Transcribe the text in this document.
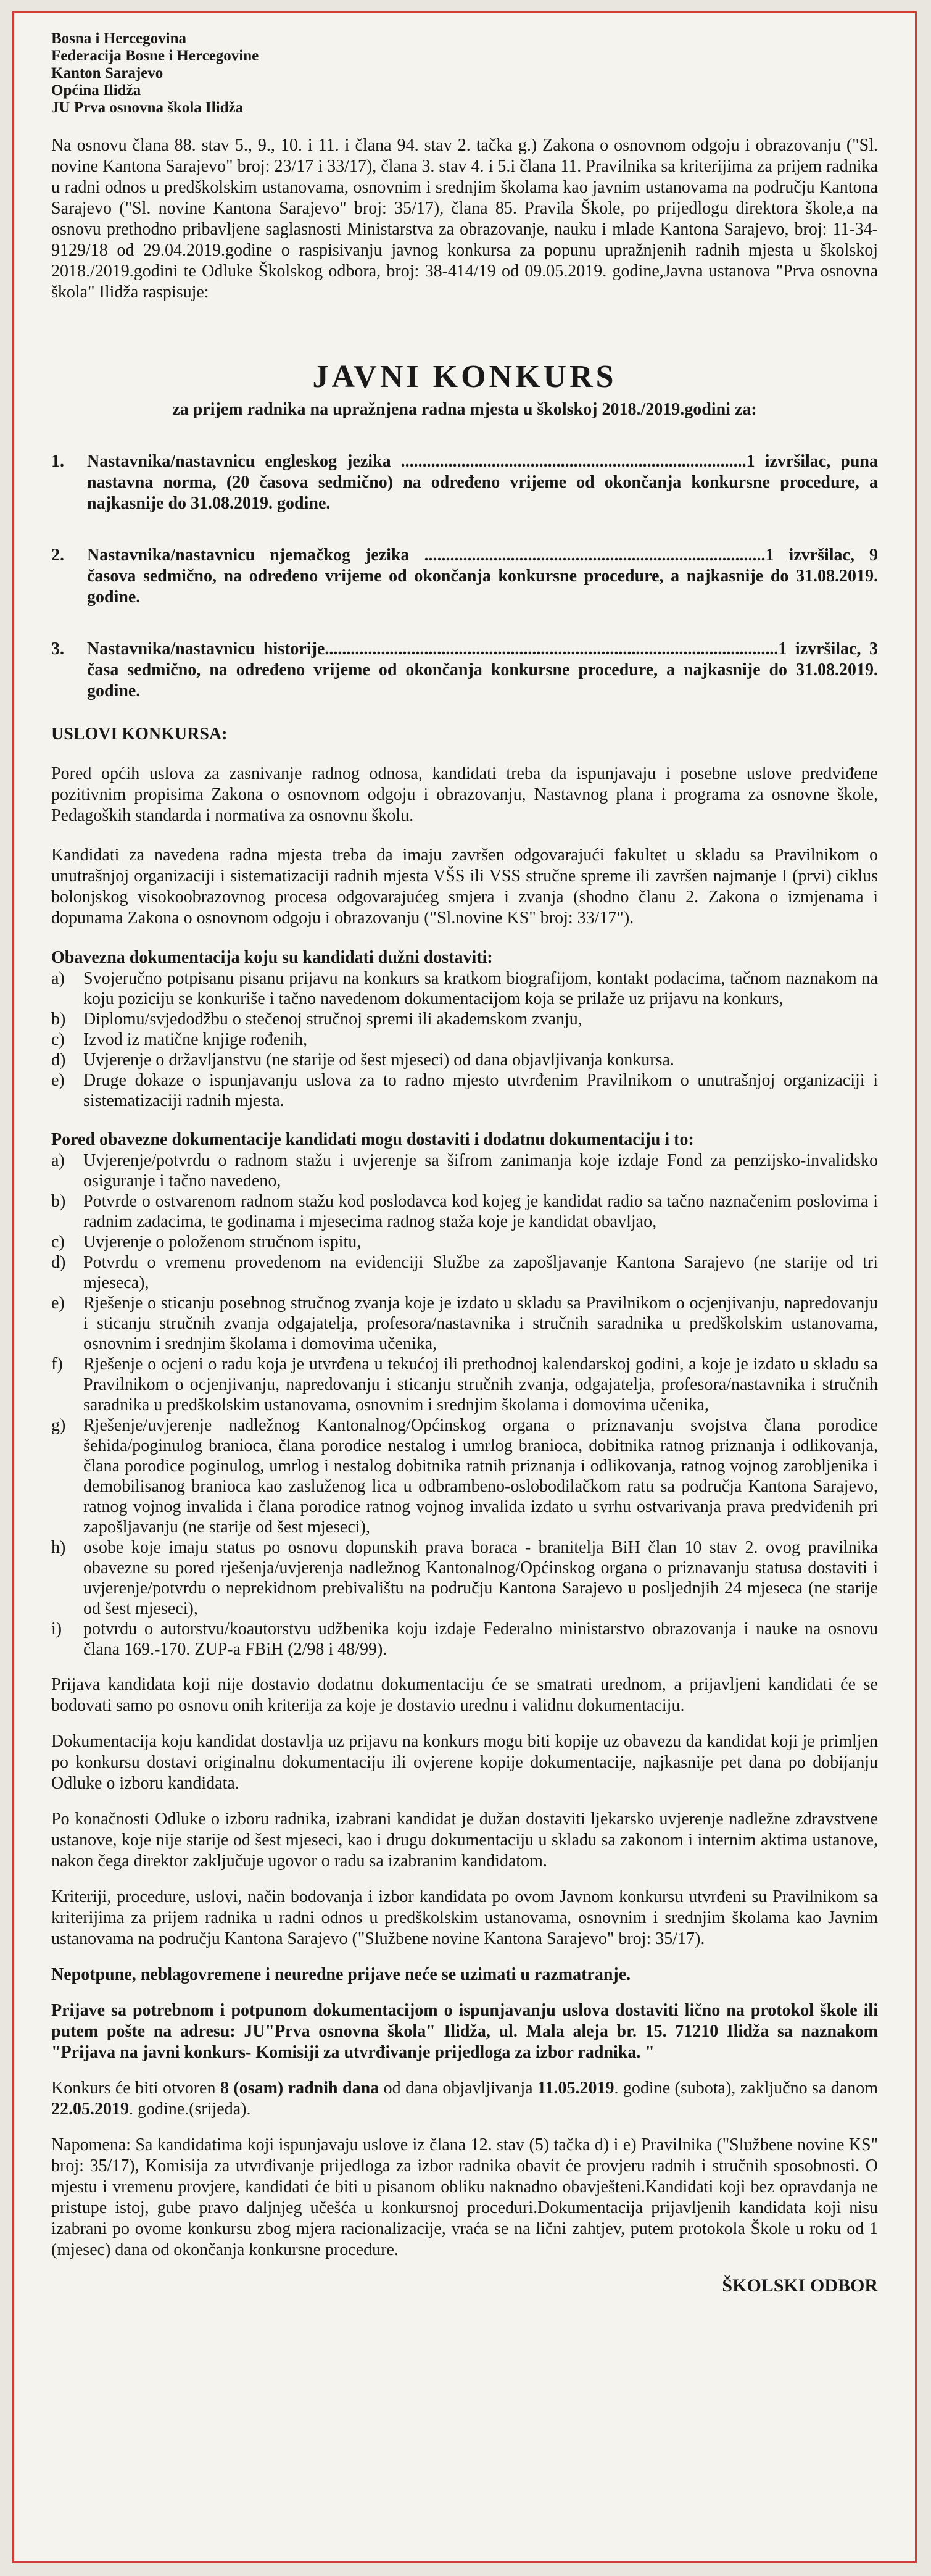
Bosna i Hercegovina
Federacija Bosne i Hercegovine
Kanton Sarajevo
Općina Ilidža
JU Prva osnovna škola Ilidža

Na osnovu člana 88. stav 5., 9., 10. i 11. i člana 94. stav 2. tačka g.) Zakona o osnovnom odgoju i obrazovanju ("Sl. novine Kantona Sarajevo" broj: 23/17 i 33/17), člana 3. stav 4. i 5.i člana 11. Pravilnika sa kriterijima za prijem radnika u radni odnos u predškolskim ustanovama, osnovnim i srednjim školama kao javnim ustanovama na području Kantona Sarajevo ("Sl. novine Kantona Sarajevo" broj: 35/17), člana 85. Pravila Škole, po prijedlogu direktora škole,a na osnovu prethodno pribavljene saglasnosti Ministarstva za obrazovanje, nauku i mlade Kantona Sarajevo, broj: 11-34-9129/18 od 29.04.2019.godine o raspisivanju javnog konkursa za popunu upražnjenih radnih mjesta u školskoj 2018./2019.godini te Odluke Školskog odbora, broj: 38-414/19 od 09.05.2019. godine,Javna ustanova "Prva osnovna škola" Ilidža raspisuje:

JAVNI KONKURS
za prijem radnika na upražnjena radna mjesta u školskoj 2018./2019.godini za:
1.	Nastavnika/nastavnicu engleskog jezika ................................................................................1 izvršilac, puna nastavna norma, (20 časova sedmično) na određeno vrijeme od okončanja konkursne procedure, a najkasnije do 31.08.2019. godine.
2.	Nastavnika/nastavnicu njemačkog jezika ...............................................................................1 izvršilac, 9 časova sedmično, na određeno vrijeme od okončanja konkursne procedure, a najkasnije do 31.08.2019. godine.
3.	Nastavnika/nastavnicu historije.........................................................................................................1 izvršilac, 3 časa sedmično, na određeno vrijeme od okončanja konkursne procedure, a najkasnije do 31.08.2019. godine.
USLOVI KONKURSA:

Pored općih uslova za zasnivanje radnog odnosa, kandidati treba da ispunjavaju i posebne uslove predviđene pozitivnim propisima Zakona o osnovnom odgoju i obrazovanju, Nastavnog plana i programa za osnovne škole, Pedagoških standarda i normativa za osnovnu školu.

Kandidati za navedena radna mjesta treba da imaju završen odgovarajući fakultet u skladu sa Pravilnikom o unutrašnjoj organizaciji i sistematizaciji radnih mjesta VŠS ili VSS stručne spreme ili završen najmanje I (prvi) ciklus bolonjskog visokoobrazovnog procesa odgovarajućeg smjera i zvanja (shodno članu 2. Zakona o izmjenama i dopunama Zakona o osnovnom odgoju i obrazovanju ("Sl.novine KS" broj: 33/17").

Obavezna dokumentacija koju su kandidati dužni dostaviti:
a)	Svojeručno potpisanu pisanu prijavu na konkurs sa kratkom biografijom, kontakt podacima, tačnom naznakom na koju poziciju se konkuriše i tačno navedenom dokumentacijom koja se prilaže uz prijavu na konkurs,
b)	Diplomu/svjedodžbu o stečenoj stručnoj spremi ili akademskom zvanju,
c)	Izvod iz matične knjige rođenih,
d)	Uvjerenje o državljanstvu (ne starije od šest mjeseci) od dana objavljivanja konkursa.
e)	Druge dokaze o ispunjavanju uslova za to radno mjesto utvrđenim Pravilnikom o unutrašnjoj organizaciji i sistematizaciji radnih mjesta.
Pored obavezne dokumentacije kandidati mogu dostaviti i dodatnu dokumentaciju i to:
a)	Uvjerenje/potvrdu o radnom stažu i uvjerenje sa šifrom zanimanja koje izdaje Fond za penzijsko-invalidsko osiguranje i tačno navedeno,
b)	Potvrde o ostvarenom radnom stažu kod poslodavca kod kojeg je kandidat radio sa tačno naznačenim poslovima i radnim zadacima, te godinama i mjesecima radnog staža koje je kandidat obavljao,
c)	Uvjerenje o položenom stručnom ispitu,
d)	Potvrdu o vremenu provedenom na evidenciji Službe za zapošljavanje Kantona Sarajevo (ne starije od tri mjeseca),
e)	Rješenje o sticanju posebnog stručnog zvanja koje je izdato u skladu sa Pravilnikom o ocjenjivanju, napredovanju i sticanju stručnih zvanja odgajatelja, profesora/nastavnika i stručnih saradnika u predškolskim ustanovama, osnovnim i srednjim školama i domovima učenika,
f)	Rješenje o ocjeni o radu koja je utvrđena u tekućoj ili prethodnoj kalendarskoj godini, a koje je izdato u skladu sa Pravilnikom o ocjenjivanju, napredovanju i sticanju stručnih zvanja, odgajatelja, profesora/nastavnika i stručnih saradnika u predškolskim ustanovama, osnovnim i srednjim školama i domovima učenika,
g)	Rješenje/uvjerenje nadležnog Kantonalnog/Općinskog organa o priznavanju svojstva člana porodice šehida/poginulog branioca, člana porodice nestalog i umrlog branioca, dobitnika ratnog priznanja i odlikovanja, člana porodice poginulog, umrlog i nestalog dobitnika ratnih priznanja i odlikovanja, ratnog vojnog zarobljenika i demobilisanog branioca kao zasluženog lica u odbrambeno-oslobodilačkom ratu sa područja Kantona Sarajevo, ratnog vojnog invalida i člana porodice ratnog vojnog invalida izdato u svrhu ostvarivanja prava predviđenih pri zapošljavanju (ne starije od šest mjeseci),
h)	osobe koje imaju status po osnovu dopunskih prava boraca - branitelja BiH član 10 stav 2. ovog pravilnika obavezne su pored rješenja/uvjerenja nadležnog Kantonalnog/Općinskog organa o priznavanju statusa dostaviti i uvjerenje/potvrdu o neprekidnom prebivalištu na području Kantona Sarajevo u posljednjih 24 mjeseca (ne starije od šest mjeseci),
i)	potvrdu o autorstvu/koautorstvu udžbenika koju izdaje Federalno ministarstvo obrazovanja i nauke na osnovu člana 169.-170. ZUP-a FBiH (2/98 i 48/99).

Prijava kandidata koji nije dostavio dodatnu dokumentaciju će se smatrati urednom, a prijavljeni kandidati će se bodovati samo po osnovu onih kriterija za koje je dostavio urednu i validnu dokumentaciju.

Dokumentacija koju kandidat dostavlja uz prijavu na konkurs mogu biti kopije uz obavezu da kandidat koji je primljen po konkursu dostavi originalnu dokumentaciju ili ovjerene kopije dokumentacije, najkasnije pet dana po dobijanju Odluke o izboru kandidata.

Po konačnosti Odluke o izboru radnika, izabrani kandidat je dužan dostaviti ljekarsko uvjerenje nadležne zdravstvene ustanove, koje nije starije od šest mjeseci, kao i drugu dokumentaciju u skladu sa zakonom i internim aktima ustanove, nakon čega direktor zaključuje ugovor o radu sa izabranim kandidatom.

Kriteriji, procedure, uslovi, način bodovanja i izbor kandidata po ovom Javnom konkursu utvrđeni su Pravilnikom sa kriterijima za prijem radnika u radni odnos u predškolskim ustanovama, osnovnim i srednjim školama kao Javnim ustanovama na području Kantona Sarajevo ("Službene novine Kantona Sarajevo" broj: 35/17).

Nepotpune, neblagovremene i neuredne prijave neće se uzimati u razmatranje.

Prijave sa potrebnom i potpunom dokumentacijom o ispunjavanju uslova dostaviti lično na protokol škole ili putem pošte na adresu: JU"Prva osnovna škola" Ilidža, ul. Mala aleja br. 15. 71210 Ilidža sa naznakom "Prijava na javni konkurs- Komisiji za utvrđivanje prijedloga za izbor radnika. "

Konkurs će biti otvoren 8 (osam) radnih dana od dana objavljivanja 11.05.2019. godine (subota), zaključno sa danom 22.05.2019. godine.(srijeda).

Napomena: Sa kandidatima koji ispunjavaju uslove iz člana 12. stav (5) tačka d) i e) Pravilnika ("Službene novine KS" broj: 35/17), Komisija za utvrđivanje prijedloga za izbor radnika obavit će provjeru radnih i stručnih sposobnosti. O mjestu i vremenu provjere, kandidati će biti u pisanom obliku naknadno obavješteni.Kandidati koji bez opravdanja ne pristupe istoj, gube pravo daljnjeg učešća u konkursnoj proceduri.Dokumentacija prijavljenih kandidata koji nisu izabrani po ovome konkursu zbog mjera racionalizacije, vraća se na lični zahtjev, putem protokola Škole u roku od 1 (mjesec) dana od okončanja konkursne procedure.

ŠKOLSKI ODBOR
